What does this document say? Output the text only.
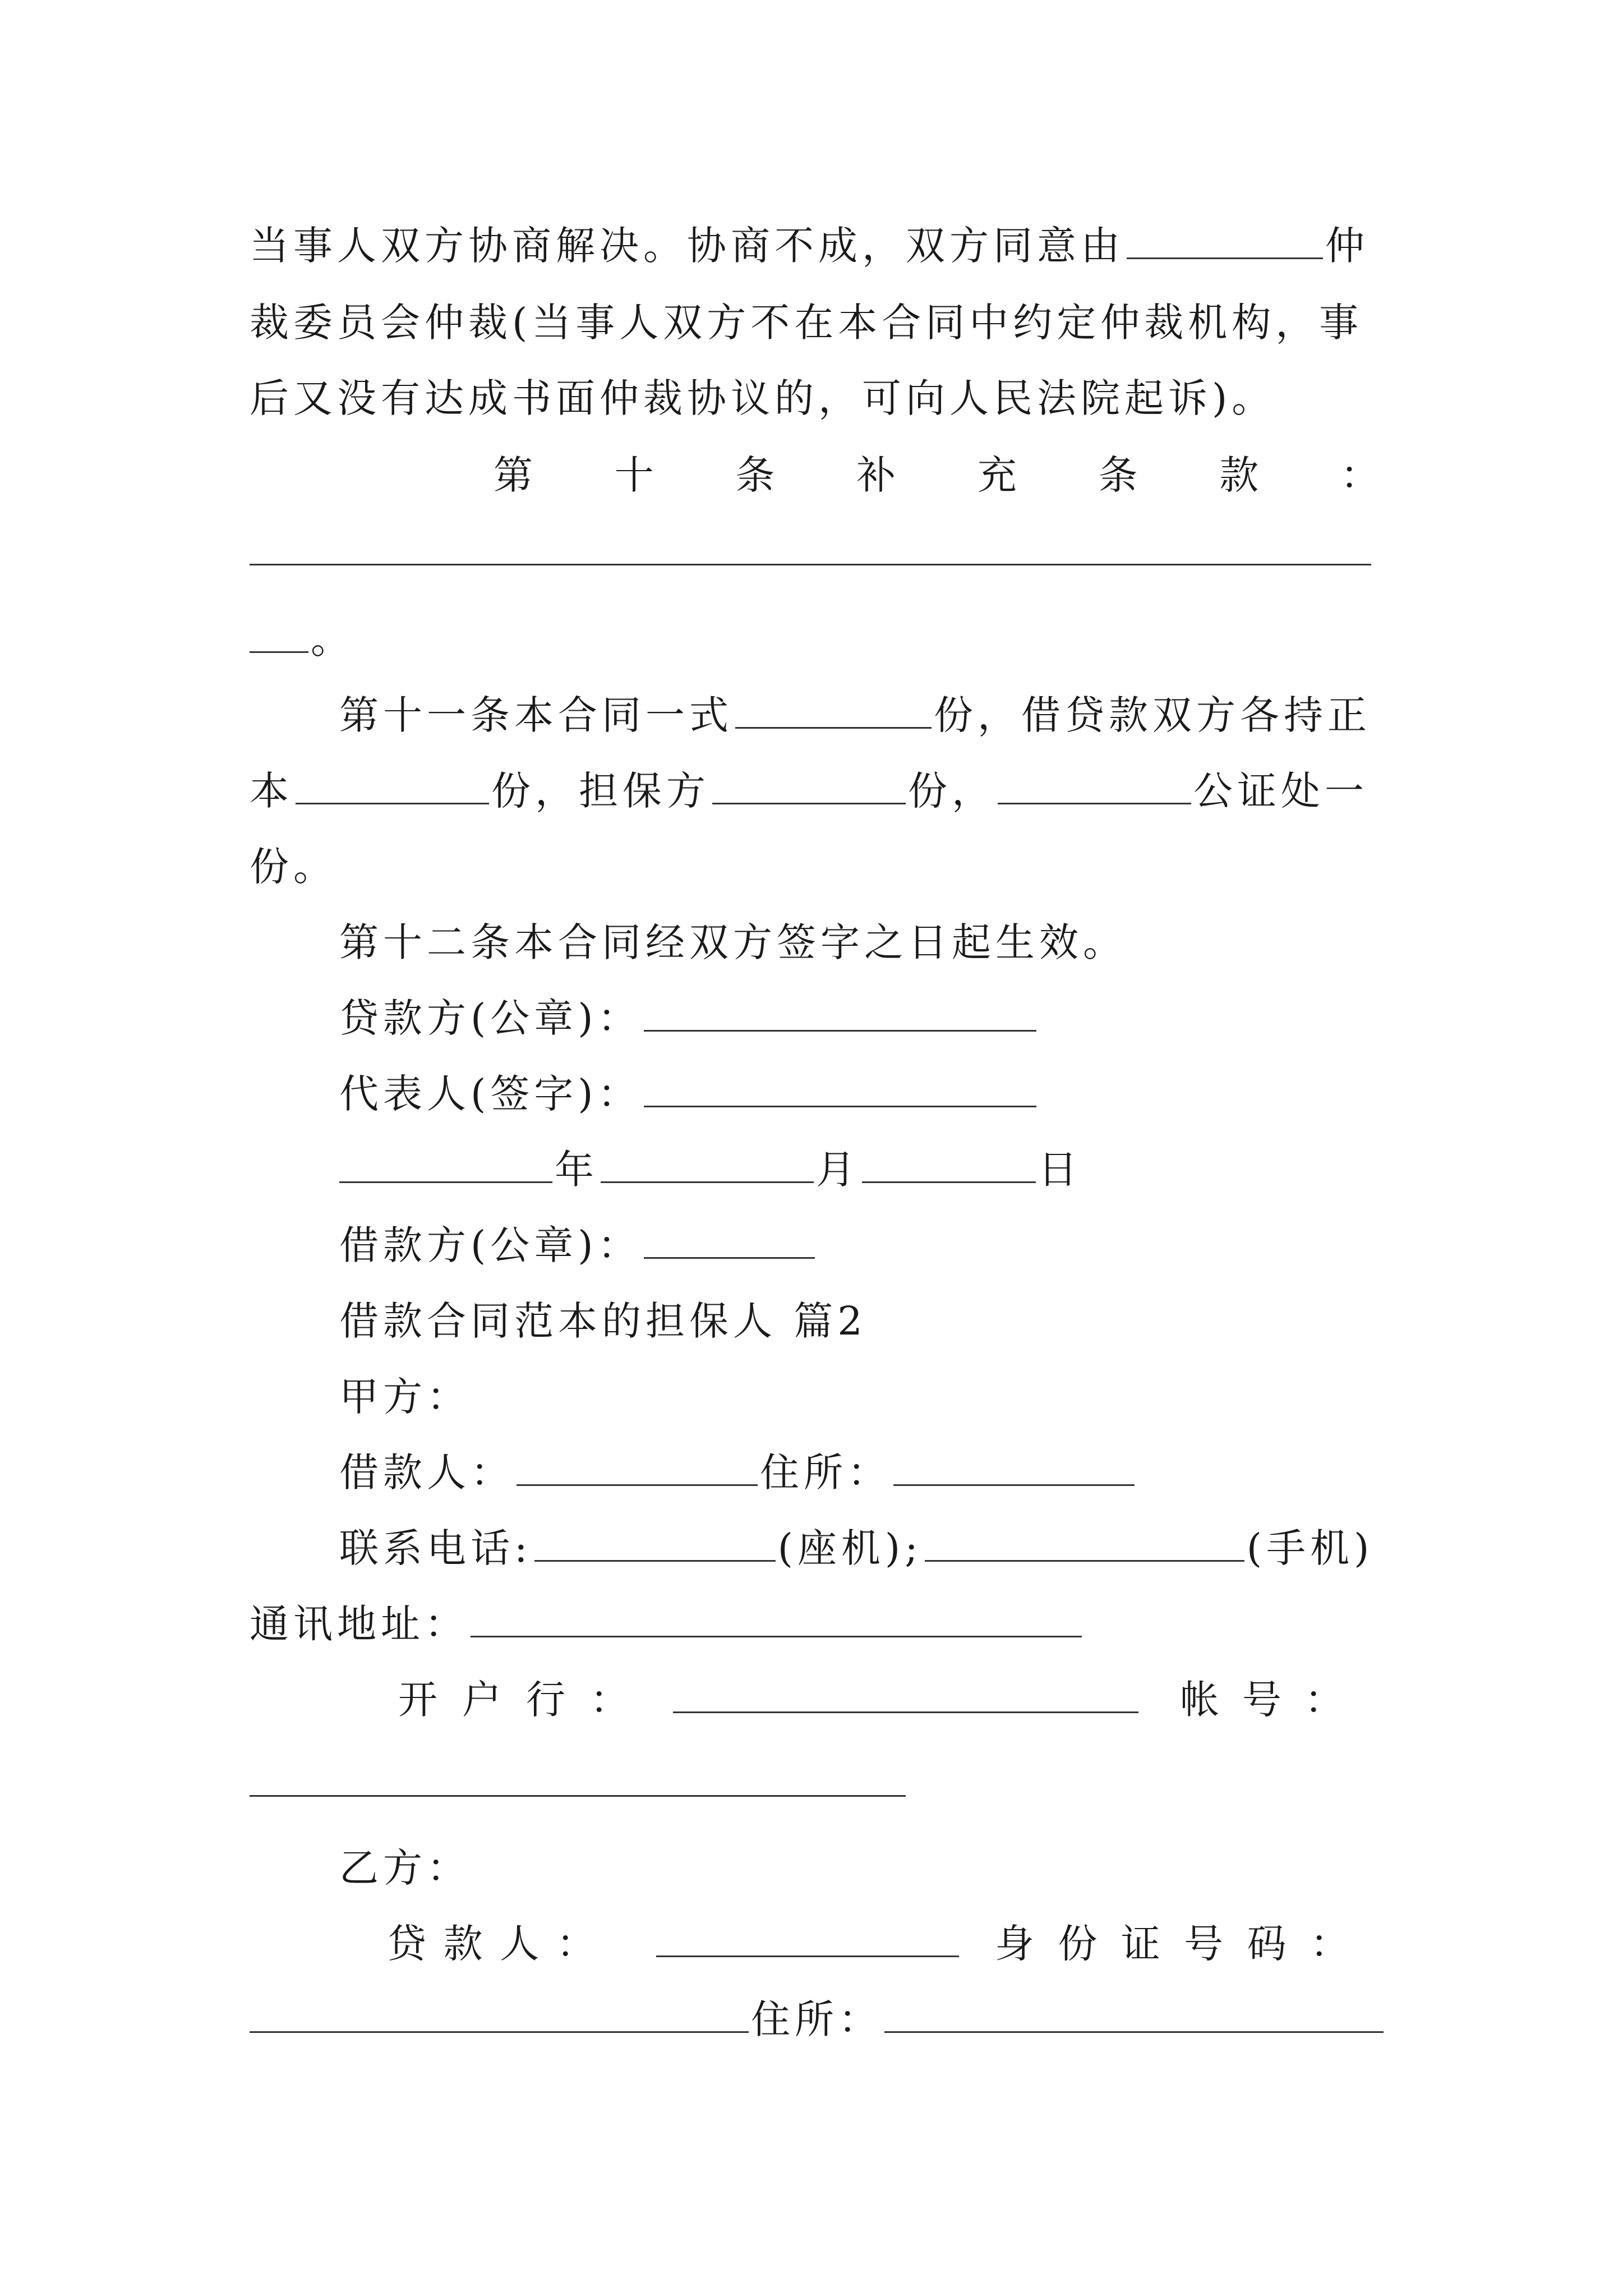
当事人双方协商解决。协商不成，双方同意由	仲
裁委员会仲裁(当事人双方不在本合同中约定仲裁机构，事
后又没有达成书面仲裁协议的，可向人民法院起诉)。
第 十 条 补 充 条 款 ：
。
第十一条本合同一式	份，借贷款双方各持正
本	份，担保方	份，	公证处一
份。
第十二条本合同经双方签字之日起生效。
贷款方(公章)：
代表人(签字)：
年	月	日
借款方(公章)：
借款合同范本的担保人 篇2
甲方：
借款人：	住所：
联系电话:	(座机);	(手机)
通讯地址：
开 户 行 ：	帐 号 ：
乙方：
贷 款 人 ：	身 份 证 号 码 ：
住所：
